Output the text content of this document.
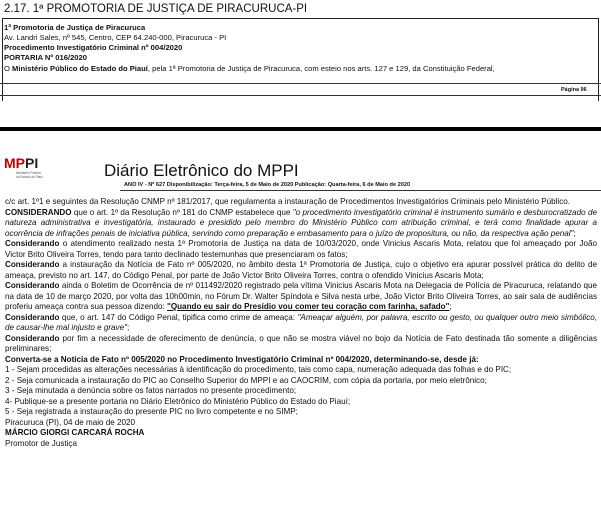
2.17. 1ª PROMOTORIA DE JUSTIÇA DE PIRACURUCA-PI
1ª Promotoria de Justiça de Piracuruca
Av. Landri Sales, nº 545, Centro, CEP 64.240-000, Piracuruca - PI
Procedimento Investigatório Criminal nº 004/2020
PORTARIA Nº 016/2020
O Ministério Público do Estado do Piauí, pela 1ª Promotoria de Justiça de Piracuruca, com esteio nos arts. 127 e 129, da Constituição Federal,
Página 96
MPPI
Ministério Público
do Estado do Piauí	Diário Eletrônico do MPPI
ANO IV - Nº 627 Disponibilização: Terça-feira, 5 de Maio de 2020 Publicação: Quarta-feira, 6 de Maio de 2020

c/c art. 1º1 e seguintes da Resolução CNMP nº 181/2017, que regulamenta a instauração de Procedimentos Investigatórios Criminais pelo Ministério Público.

CONSIDERANDO que o art. 1º da Resolução nº 181 do CNMP estabelece que "o procedimento investigatório criminal é instrumento sumário e desburocratizado de natureza administrativa e investigatória, instaurado e presidido pelo membro do Ministério Público com atribuição criminal, e terá como finalidade apurar a ocorrência de infrações penais de iniciativa pública, servindo como preparação e embasamento para o juízo de propositura, ou não, da respectiva ação penal";

Considerando o atendimento realizado nesta 1ª Promotoria de Justiça na data de 10/03/2020, onde Vinicius Ascaris Mota, relatou que foi ameaçado por João Victor Brito Oliveira Torres, tendo para tanto declinado testemunhas que presenciaram os fatos;

Considerando a instauração da Notícia de Fato nº 005/2020, no âmbito desta 1ª Promotoria de Justiça, cujo o objetivo era apurar possível prática do delito de ameaça, previsto no art. 147, do Código Penal, por parte de João Victor Brito Oliveira Torres, contra o ofendido Vinicius Ascaris Mota;

Considerando ainda o Boletim de Ocorrência de nº 011492/2020 registrado pela vítima Vinicius Ascaris Mota na Delegacia de Polícia de Piracuruca, relatando que na data de 10 de março 2020, por volta das 10h00min, no Fórum Dr. Walter Spíndola e Silva nesta urbe, João Victor Brito Oliveira Torres, ao sair sala de audiências proferiu ameaça contra sua pessoa dizendo: "Quando eu sair do Presídio vou comer teu coração com farinha, safado";

Considerando que, o art. 147 do Código Penal, tipifica como crime de ameaça: "Ameaçar alguém, por palavra, escrito ou gesto, ou qualquer outro meio simbólico, de causar-lhe mal injusto e grave";

Considerando por fim a necessidade de oferecimento de denúncia, o que não se mostra viável no bojo da Notícia de Fato destinada tão somente a diligências preliminares;

Converta-se a Notícia de Fato nº 005/2020 no Procedimento Investigatório Criminal nº 004/2020, determinando-se, desde já:

1 - Sejam procedidas as alterações necessárias à identificação do procedimento, tais como capa, numeração adequada das folhas e do PIC;

2 - Seja comunicada a instauração do PIC ao Conselho Superior do MPPI e ao CAOCRIM, com cópia da portaria, por meio eletrônico;

3 - Seja minutada a denúncia sobre os fatos narrados no presente procedimento;

4- Publique-se a presente portaria no Diário Eletrônico do Ministério Público do Estado do Piauí;

5 - Seja registrada a instauração do presente PIC no livro competente e no SIMP;

Piracuruca (PI), 04 de maio de 2020

MÁRCIO GIORGI CARCARÁ ROCHA

Promotor de Justiça
